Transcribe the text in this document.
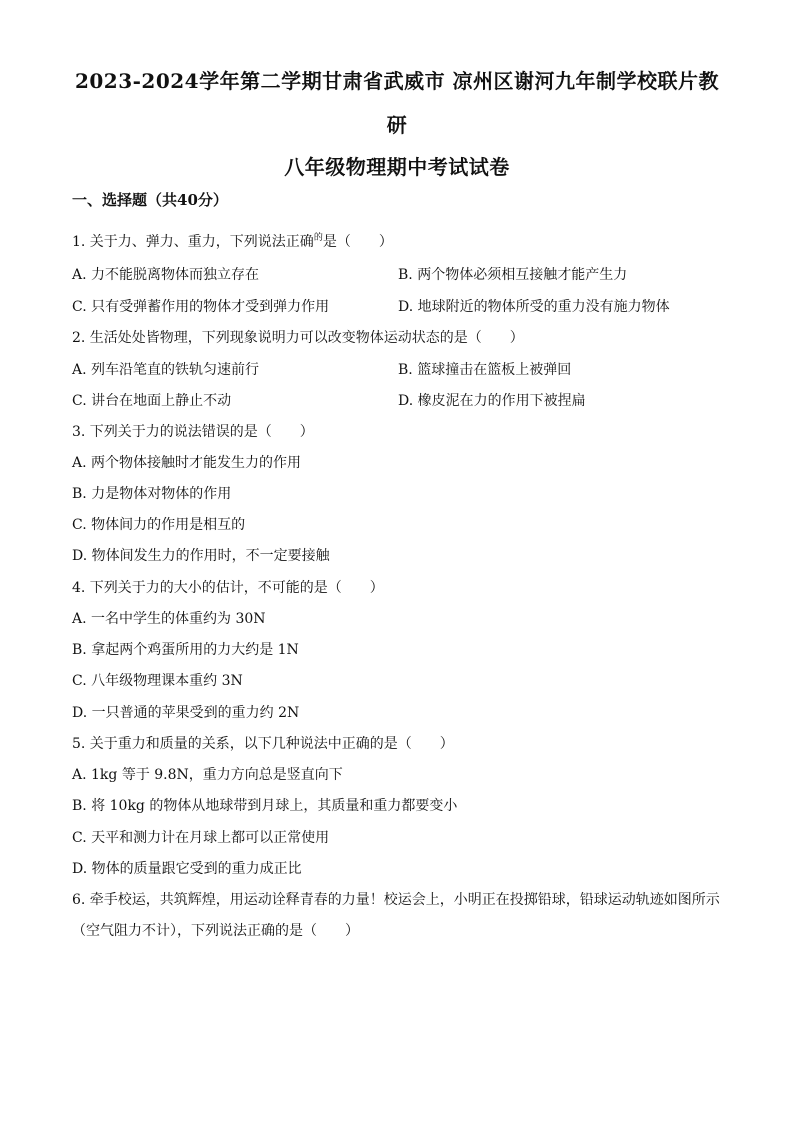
2023-2024学年第二学期甘肃省武威市 凉州区谢河九年制学校联片教
研
八年级物理期中考试试卷
一、选择题（共40分）
1. 关于力、弹力、重力，下列说法正确$^的$是（　　）
A. 力不能脱离物体而独立存在	B. 两个物体必须相互接触才能产生力
C. 只有受弹蓄作用的物体才受到弹力作用	D. 地球附近的物体所受的重力没有施力物体
2. 生活处处皆物理，下列现象说明力可以改变物体运动状态的是（　　）
A. 列车沿笔直的铁轨匀速前行	B. 篮球撞击在篮板上被弹回
C. 讲台在地面上静止不动	D. 橡皮泥在力的作用下被捏扁
3. 下列关于力的说法错误的是（　　）
A. 两个物体接触时才能发生力的作用
B. 力是物体对物体的作用
C. 物体间力的作用是相互的
D. 物体间发生力的作用时，不一定要接触
4. 下列关于力的大小的估计，不可能的是（　　）
A. 一名中学生的体重约为 30N
B. 拿起两个鸡蛋所用的力大约是 1N
C. 八年级物理课本重约 3N
D. 一只普通的苹果受到的重力约 2N
5. 关于重力和质量的关系，以下几种说法中正确的是（　　）
A. 1kg 等于 9.8N，重力方向总是竖直向下
B. 将 10kg 的物体从地球带到月球上，其质量和重力都要变小
C. 天平和测力计在月球上都可以正常使用
D. 物体的质量跟它受到的重力成正比
6. 牵手校运，共筑辉煌，用运动诠释青春的力量！校运会上，小明正在投掷铅球，铅球运动轨迹如图所示
（空气阻力不计），下列说法正确的是（　　）
